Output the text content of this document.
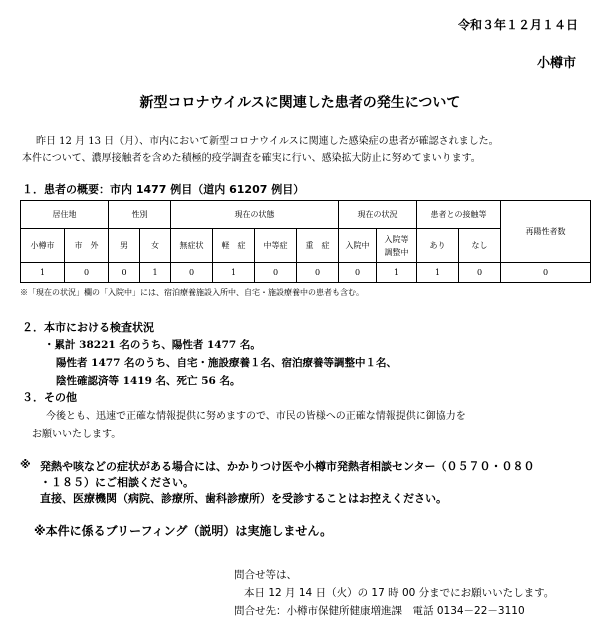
令和３年１２月１４日
小樽市
新型コロナウイルスに関連した患者の発生について
昨日 12 月 13 日（月）、市内において新型コロナウイルスに関連した感染症の患者が確認されました。
本件について、濃厚接触者を含めた積極的疫学調査を確実に行い、感染拡大防止に努めてまいります。
１．患者の概要：市内 1477 例目（道内 61207 例目）
居住地		性別		現在の状態				現在の状況		患者との接触等		再陽性者数
小樽市	市　外	男	女	無症状	軽　症	中等症	重　症	入院中	入院等
調整中	あり	なし	
1	0	0	1	0	1	0	0	0	1	1	0	0
※「現在の状況」欄の「入院中」には、宿泊療養施設入所中、自宅・施設療養中の患者も含む。
２．本市における検査状況
・累計 38221 名のうち、陽性者 1477 名。
陽性者 1477 名のうち、自宅・施設療養１名、宿泊療養等調整中１名、
陰性確認済等 1419 名、死亡 56 名。
３．その他
今後とも、迅速で正確な情報提供に努めますので、市民の皆様への正確な情報提供に御協力を
お願いいたします。
※ 発熱や咳などの症状がある場合には、かかりつけ医や小樽市発熱者相談センター（０５７０・０８０
・１８５）にご相談ください。
直接、医療機関（病院、診療所、歯科診療所）を受診することはお控えください。
※本件に係るブリーフィング（説明）は実施しません。
問合せ等は、
本日 12 月 14 日（火）の 17 時 00 分までにお願いいたします。
問合せ先：小樽市保健所健康増進課　電話 0134－22－3110
